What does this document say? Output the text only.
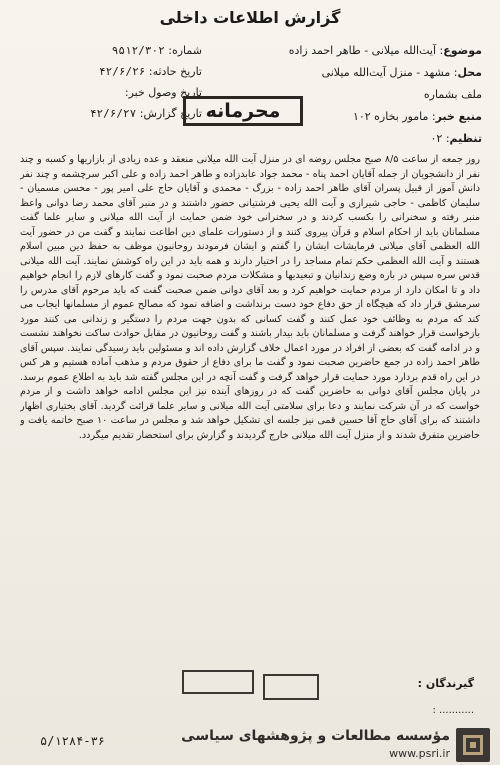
گزارش اطلاعات داخلی
موضوع: آیت‌الله میلانی - طاهر احمد زاده
محل: مشهد - منزل آیت‌الله میلانی
ملف بشماره
منبع خبر: مامور بخاره ۱۰۲
تنظیم: ۰۲
شماره: ۹۵۱۲/۳۰۲
تاریخ حادثه: ۴۲/۶/۲۶
تاریخ وصول خبر:
تاریخ گزارش: ۴۲/۶/۲۷	محرمانه
روز جمعه از ساعت ۸/۵ صبح مجلس روضه ای در منزل آیت الله میلانی منعقد و عده زیادی از بازاریها و کسبه و چند نفر از دانشجویان از جمله آقایان احمد پناه - محمد جواد عابدزاده و طاهر احمد زاده و علی اکبر سرچشمه و چند نفر دانش آموز از قبیل پسران آقای طاهر احمد زاده - بزرگ - محمدی و آقایان حاج علی امیر پور - محسن مسمیان - سلیمان کاظمی - حاجی شیرازی و آیت الله یحیی فرشتیانی حضور داشتند و در منبر آقای محمد رضا دوانی واعظ منبر رفته و سخنرانی را بکسب کردند و در سخنرانی خود ضمن حمایت از آیت الله میلانی و سایر علما گفت مسلمانان باید از احکام اسلام و قرآن پیروی کنند و از دستورات علمای دین اطاعت نمایند و گفت من در حضور آیت الله العظمی آقای میلانی فرمایشات ایشان را گفتم و ایشان فرمودند روحانیون موظف به حفظ دین مبین اسلام هستند و آیت الله العظمی حکم تمام مساجد را در اختیار دارند و همه باید در این راه کوشش نمایند. آیت الله میلانی قدس سره سپس در باره وضع زندانیان و تبعیدیها و مشکلات مردم صحبت نمود و گفت کارهای لازم را انجام خواهیم داد و تا امکان دارد از مردم حمایت خواهیم کرد و بعد آقای دوانی ضمن صحبت گفت که باید مرحوم آقای مدرس را سرمشق قرار داد که هیچگاه از حق دفاع خود دست برنداشت و اضافه نمود که مصالح عموم از مسلمانها ایجاب می کند که مردم به وظائف خود عمل کنند و گفت کسانی که بدون جهت مردم را دستگیر و زندانی می کنند مورد بازخواست قرار خواهند گرفت و مسلمانان باید بیدار باشند و گفت روحانیون در مقابل حوادث ساکت نخواهند نشست و در ادامه گفت که بعضی از افراد در مورد اعمال خلاف گزارش داده اند و مسئولین باید رسیدگی نمایند. سپس آقای طاهر احمد زاده در جمع حاضرین صحبت نمود و گفت ما برای دفاع از حقوق مردم و مذهب آماده هستیم و هر کس در این راه قدم بردارد مورد حمایت قرار خواهد گرفت و گفت آنچه در این مجلس گفته شد باید به اطلاع عموم برسد. در پایان مجلس آقای دوانی به حاضرین گفت که در روزهای آینده نیز این مجلس ادامه خواهد داشت و از مردم خواست که در آن شرکت نمایند و دعا برای سلامتی آیت الله میلانی و سایر علما قرائت گردید. آقای بختیاری اظهار داشتند که برای آقای حاج آقا حسین قمی نیز جلسه ای تشکیل خواهد شد و مجلس در ساعت ۱۰ صبح خاتمه یافت و حاضرین متفرق شدند و از منزل آیت الله میلانی خارج گردیدند و گزارش برای استحضار تقدیم میگردد.
گیرندگان :
........... :
۵/۱۲۸۴-۳۶	مؤسسه مطالعات و پژوهشهای سیاسی
www.psri.ir
